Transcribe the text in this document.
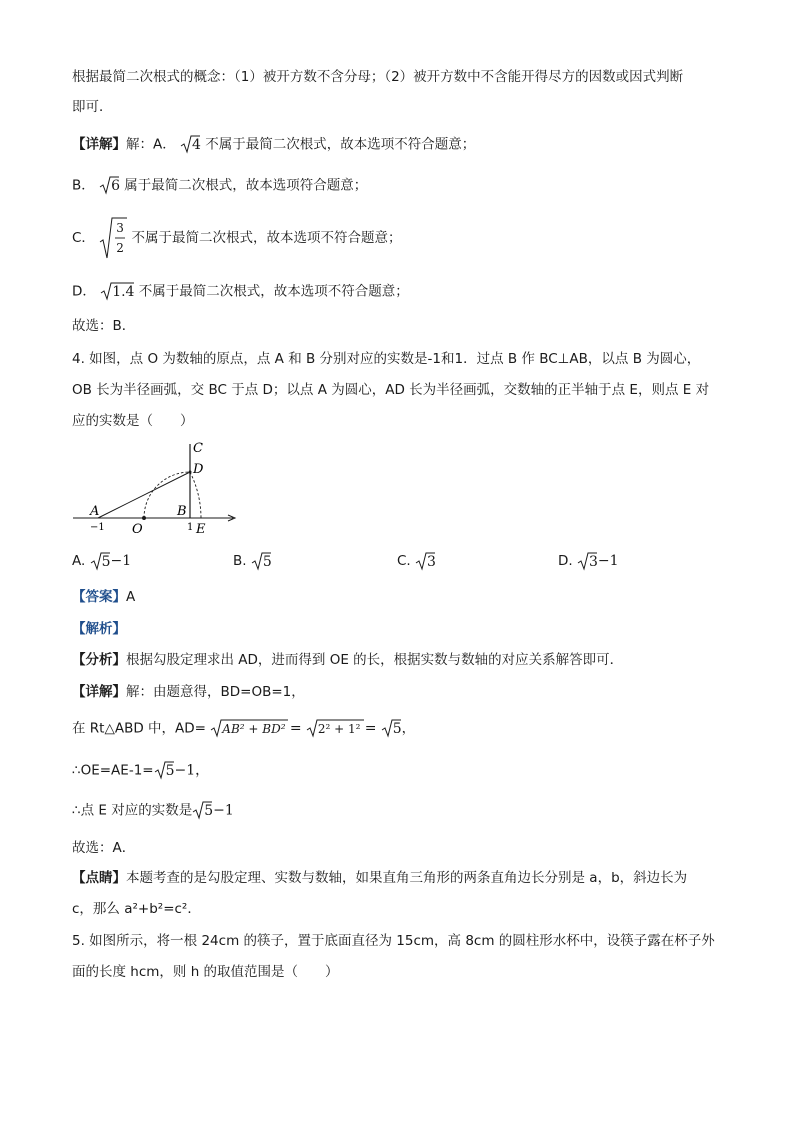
根据最简二次根式的概念：（1）被开方数不含分母；（2）被开方数中不含能开得尽方的因数或因式判断
即可．
【详解】解：A． 4 不属于最简二次根式，故本选项不符合题意；
B． 6 属于最简二次根式，故本选项符合题意；
C．
3
2
不属于最简二次根式，故本选项不符合题意；
D． 1.4 不属于最简二次根式，故本选项不符合题意；
故选：B．
4. 如图，点 O 为数轴的原点，点 A 和 B 分别对应的实数是-1和1．过点 B 作 BC⊥AB，以点 B 为圆心，
OB 长为半径画弧，交 BC 于点 D；以点 A 为圆心，AD 长为半径画弧，交数轴的正半轴于点 E，则点 E 对
应的实数是（　　）
C
D
A
O
B
E
−1	1
A. 5−1	B. 5	C. 3	D. 3−1
【答案】A
【解析】
【分析】根据勾股定理求出 AD，进而得到 OE 的长，根据实数与数轴的对应关系解答即可．
【详解】解：由题意得，BD=OB=1，
在 Rt△ABD 中，AD= AB² + BD² = 2² + 1² = 5，
∴OE=AE-1= 5−1，
∴点 E 对应的实数是 5−1
故选：A．
【点睛】本题考查的是勾股定理、实数与数轴，如果直角三角形的两条直角边长分别是 a，b，斜边长为
c，那么 a²+b²=c²．
5. 如图所示，将一根 24cm 的筷子，置于底面直径为 15cm，高 8cm 的圆柱形水杯中，设筷子露在杯子外
面的长度 hcm，则 h 的取值范围是（　　）
